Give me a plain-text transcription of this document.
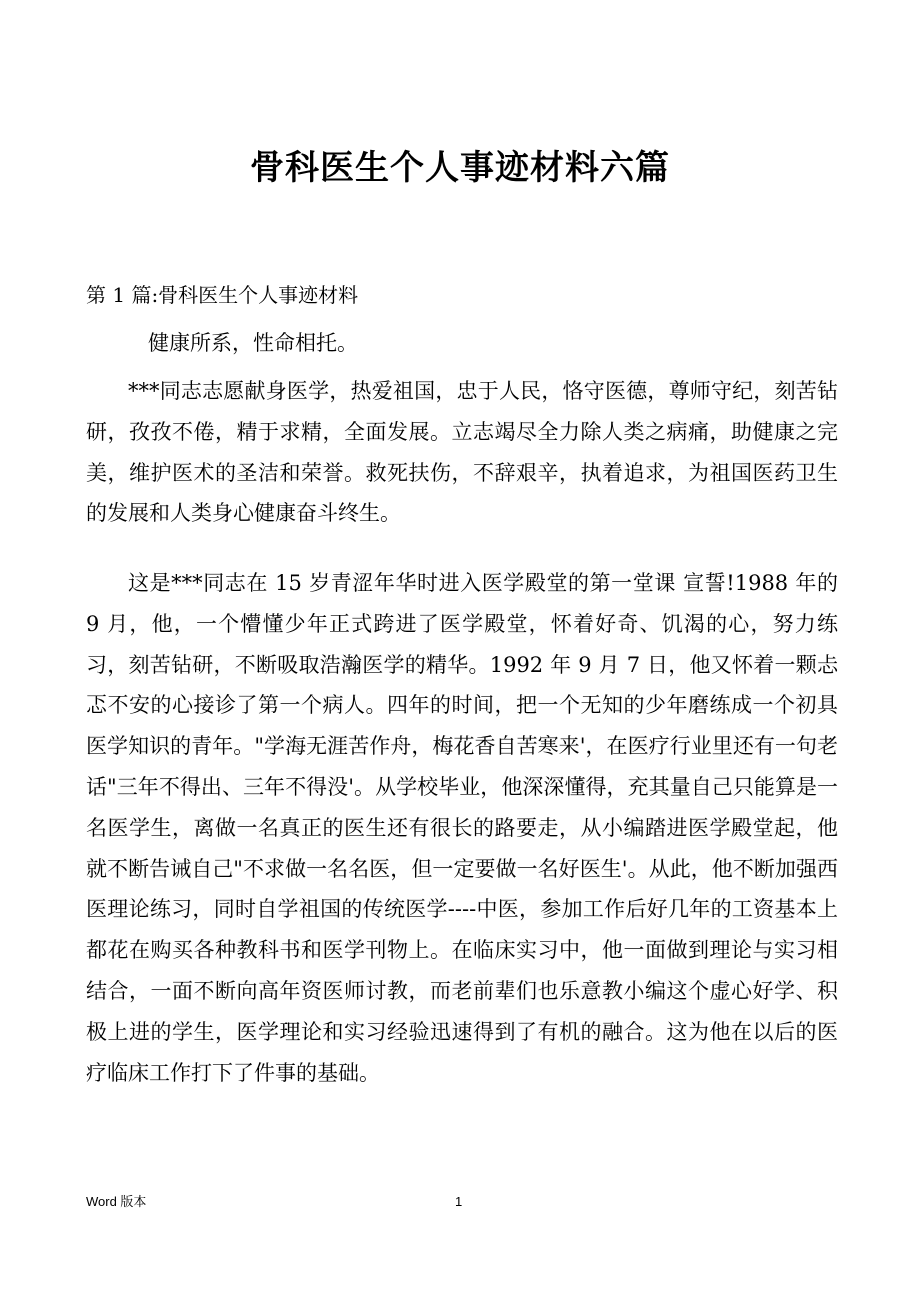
骨科医生个人事迹材料六篇

第 1 篇:骨科医生个人事迹材料

健康所系，性命相托。

***同志志愿献身医学，热爱祖国，忠于人民，恪守医德，尊师守纪，刻苦钻研，孜孜不倦，精于求精，全面发展。立志竭尽全力除人类之病痛，助健康之完美，维护医术的圣洁和荣誉。救死扶伤，不辞艰辛，执着追求，为祖国医药卫生的发展和人类身心健康奋斗终生。

这是***同志在 15 岁青涩年华时进入医学殿堂的第一堂课 宣誓!1988 年的 9 月，他，一个懵懂少年正式跨进了医学殿堂，怀着好奇、饥渴的心，努力练习，刻苦钻研，不断吸取浩瀚医学的精华。1992 年 9 月 7 日，他又怀着一颗忐忑不安的心接诊了第一个病人。四年的时间，把一个无知的少年磨练成一个初具医学知识的青年。"学海无涯苦作舟，梅花香自苦寒来'，在医疗行业里还有一句老话"三年不得出、三年不得没'。从学校毕业，他深深懂得，充其量自己只能算是一名医学生，离做一名真正的医生还有很长的路要走，从小编踏进医学殿堂起，他就不断告诫自己"不求做一名名医，但一定要做一名好医生'。从此，他不断加强西医理论练习，同时自学祖国的传统医学----中医，参加工作后好几年的工资基本上都花在购买各种教科书和医学刊物上。在临床实习中，他一面做到理论与实习相结合，一面不断向高年资医师讨教，而老前辈们也乐意教小编这个虚心好学、积极上进的学生，医学理论和实习经验迅速得到了有机的融合。这为他在以后的医疗临床工作打下了件事的基础。

Word 版本	1
